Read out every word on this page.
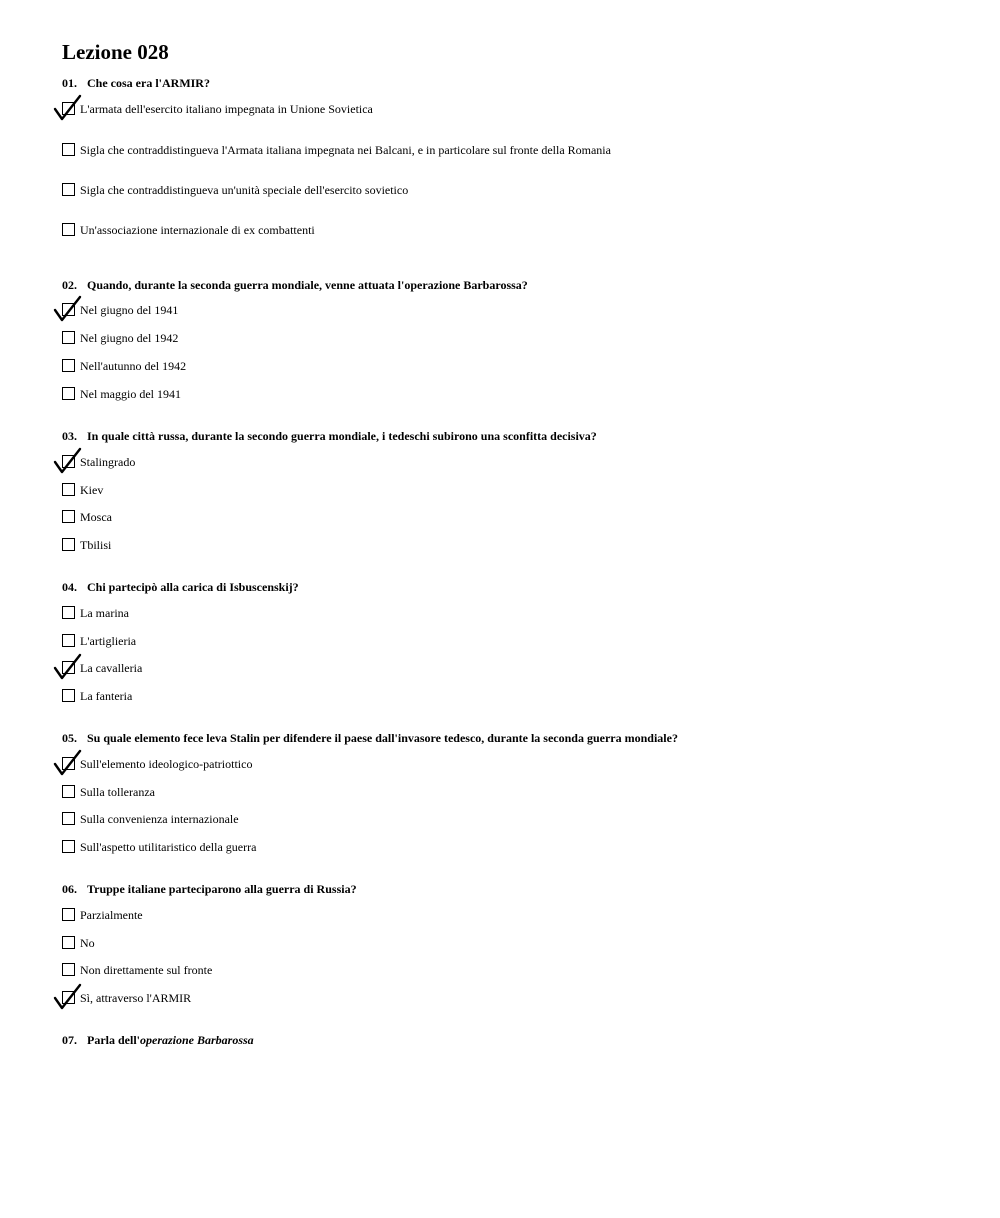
Lezione 028
01. Che cosa era l'ARMIR?
L'armata dell'esercito italiano impegnata in Unione Sovietica
Sigla che contraddistingueva l'Armata italiana impegnata nei Balcani, e in particolare sul fronte della Romania
Sigla che contraddistingueva un'unità speciale dell'esercito sovietico
Un'associazione internazionale di ex combattenti
02. Quando, durante la seconda guerra mondiale, venne attuata l'operazione Barbarossa?
Nel giugno del 1941
Nel giugno del 1942
Nell'autunno del 1942
Nel maggio del 1941
03. In quale città russa, durante la secondo guerra mondiale, i tedeschi subirono una sconfitta decisiva?
Stalingrado
Kiev
Mosca
Tbilisi
04. Chi partecipò alla carica di Isbuscenskij?
La marina
L'artiglieria
La cavalleria
La fanteria
05. Su quale elemento fece leva Stalin per difendere il paese dall'invasore tedesco, durante la seconda guerra mondiale?
Sull'elemento ideologico-patriottico
Sulla tolleranza
Sulla convenienza internazionale
Sull'aspetto utilitaristico della guerra
06. Truppe italiane parteciparono alla guerra di Russia?
Parzialmente
No
Non direttamente sul fronte
Sì, attraverso l'ARMIR
07. Parla dell'operazione Barbarossa
